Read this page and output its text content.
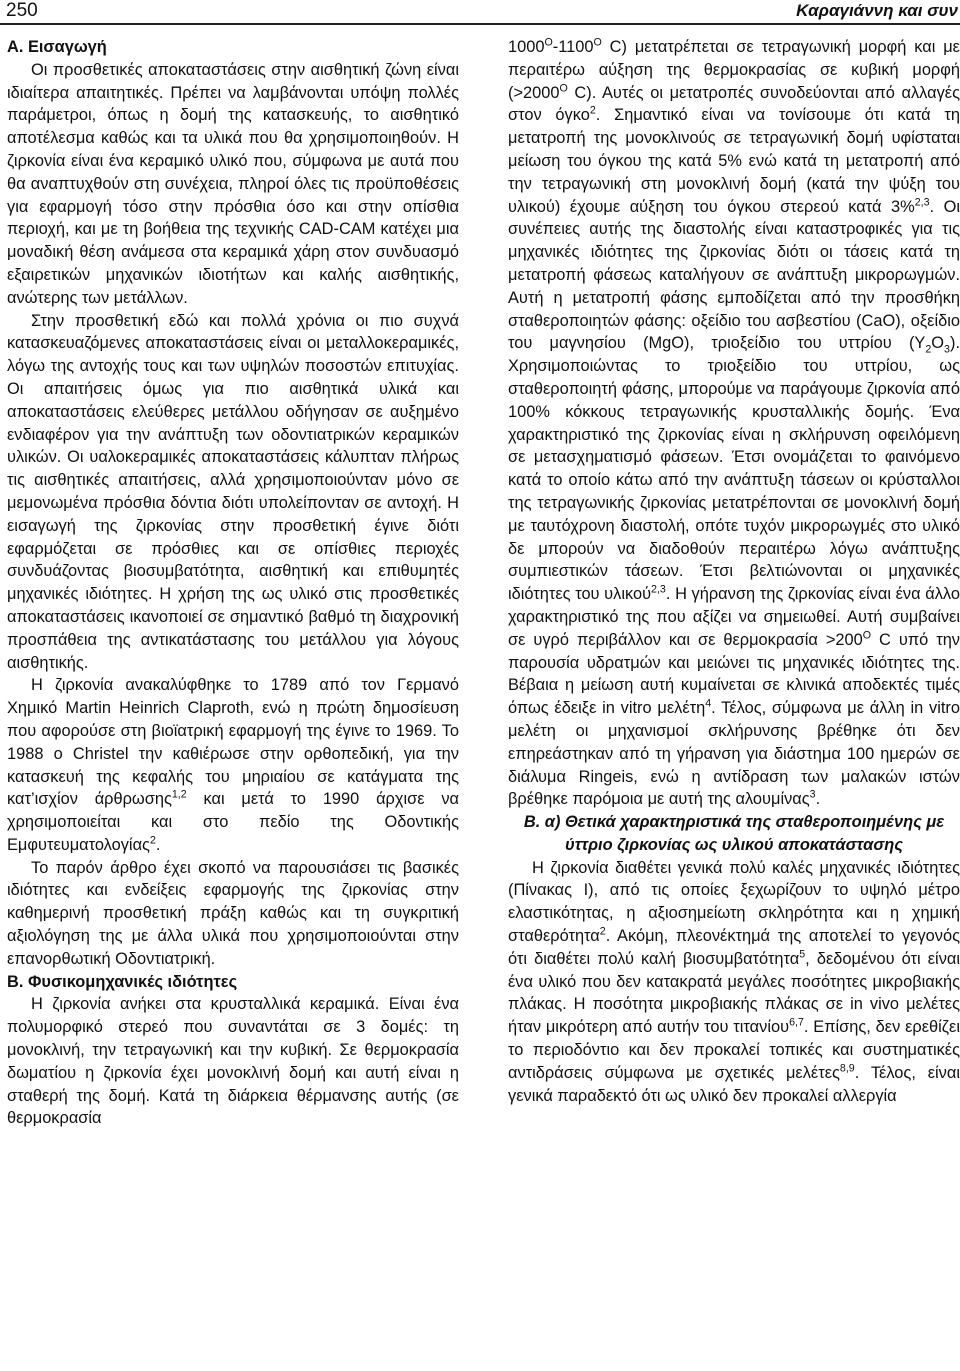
250	Καραγιάννη και συν

A. Εισαγωγή

Οι προσθετικές αποκαταστάσεις στην αισθητική ζώνη είναι ιδιαίτερα απαιτητικές. Πρέπει να λαμβάνονται υπόψη πολλές παράμετροι, όπως η δομή της κατασκευής, το αισθητικό αποτέλεσμα καθώς και τα υλικά που θα χρησιμοποιηθούν. Η ζιρκονία είναι ένα κεραμικό υλικό που, σύμφωνα με αυτά που θα αναπτυχθούν στη συνέχεια, πληροί όλες τις προϋποθέσεις για εφαρμογή τόσο στην πρόσθια όσο και στην οπίσθια περιοχή, και με τη βοήθεια της τεχνικής CAD-CAM κατέχει μια μοναδική θέση ανάμεσα στα κεραμικά χάρη στον συνδυασμό εξαιρετικών μηχανικών ιδιοτήτων και καλής αισθητικής, ανώτερης των μετάλλων.

Στην προσθετική εδώ και πολλά χρόνια οι πιο συχνά κατασκευαζόμενες αποκαταστάσεις είναι οι μεταλλοκεραμικές, λόγω της αντοχής τους και των υψηλών ποσοστών επιτυχίας. Οι απαιτήσεις όμως για πιο αισθητικά υλικά και αποκαταστάσεις ελεύθερες μετάλλου οδήγησαν σε αυξημένο ενδιαφέρον για την ανάπτυξη των οδοντιατρικών κεραμικών υλικών. Οι υαλοκεραμικές αποκαταστάσεις κάλυπταν πλήρως τις αισθητικές απαιτήσεις, αλλά χρησιμοποιούνταν μόνο σε μεμονωμένα πρόσθια δόντια διότι υπολείπονταν σε αντοχή. Η εισαγωγή της ζιρκονίας στην προσθετική έγινε διότι εφαρμόζεται σε πρόσθιες και σε οπίσθιες περιοχές συνδυάζοντας βιοσυμβατότητα, αισθητική και επιθυμητές μηχανικές ιδιότητες. Η χρήση της ως υλικό στις προσθετικές αποκαταστάσεις ικανοποιεί σε σημαντικό βαθμό τη διαχρονική προσπάθεια της αντικατάστασης του μετάλλου για λόγους αισθητικής.

Η ζιρκονία ανακαλύφθηκε το 1789 από τον Γερμανό Χημικό Martin Heinrich Claproth, ενώ η πρώτη δημοσίευση που αφορούσε στη βιοϊατρική εφαρμογή της έγινε το 1969. Το 1988 ο Christel την καθιέρωσε στην ορθοπεδική, για την κατασκευή της κεφαλής του μηριαίου σε κατάγματα της κατ’ισχίον άρθρωσης$^{1,2}$ και μετά το 1990 άρχισε να χρησιμοποιείται και στο πεδίο της Οδοντικής Εμφυτευματολογίας$^2$.

Το παρόν άρθρο έχει σκοπό να παρουσιάσει τις βασικές ιδιότητες και ενδείξεις εφαρμογής της ζιρκονίας στην καθημερινή προσθετική πράξη καθώς και τη συγκριτική αξιολόγηση της με άλλα υλικά που χρησιμοποιούνται στην επανορθωτική Οδοντιατρική.

B. Φυσικομηχανικές ιδιότητες

Η ζιρκονία ανήκει στα κρυσταλλικά κεραμικά. Είναι ένα πολυμορφικό στερεό που συναντάται σε 3 δομές: τη μονοκλινή, την τετραγωνική και την κυβική. Σε θερμοκρασία δωματίου η ζιρκονία έχει μονοκλινή δομή και αυτή είναι η σταθερή της δομή. Κατά τη διάρκεια θέρμανσης αυτής (σε θερμοκρασία

$1000^O-1100^O$ C) μετατρέπεται σε τετραγωνική μορφή και με περαιτέρω αύξηση της θερμοκρασίας σε κυβική μορφή ($>2000^O$ C). Αυτές οι μετατροπές συνοδεύονται από αλλαγές στον όγκο$^2$. Σημαντικό είναι να τονίσουμε ότι κατά τη μετατροπή της μονοκλινούς σε τετραγωνική δομή υφίσταται μείωση του όγκου της κατά 5% ενώ κατά τη μετατροπή από την τετραγωνική στη μονοκλινή δομή (κατά την ψύξη του υλικού) έχουμε αύξηση του όγκου στερεού κατά 3%$^{2,3}$. Οι συνέπειες αυτής της διαστολής είναι καταστροφικές για τις μηχανικές ιδιότητες της ζιρκονίας διότι οι τάσεις κατά τη μετατροπή φάσεως καταλήγουν σε ανάπτυξη μικρορωγμών. Αυτή η μετατροπή φάσης εμποδίζεται από την προσθήκη σταθεροποιητών φάσης: οξείδιο του ασβεστίου (CaO), οξείδιο του μαγνησίου (MgO), τριοξείδιο του υττρίου $(Y_2O_3)$. Χρησιμοποιώντας το τριοξείδιο του υττρίου, ως σταθεροποιητή φάσης, μπορούμε να παράγουμε ζιρκονία από 100% κόκκους τετραγωνικής κρυσταλλικής δομής. Ένα χαρακτηριστικό της ζιρκονίας είναι η σκλήρυνση οφειλόμενη σε μετασχηματισμό φάσεων. Έτσι ονομάζεται το φαινόμενο κατά το οποίο κάτω από την ανάπτυξη τάσεων οι κρύσταλλοι της τετραγωνικής ζιρκονίας μετατρέπονται σε μονοκλινή δομή με ταυτόχρονη διαστολή, οπότε τυχόν μικρορωγμές στο υλικό δε μπορούν να διαδοθούν περαιτέρω λόγω ανάπτυξης συμπιεστικών τάσεων. Έτσι βελτιώνονται οι μηχανικές ιδιότητες του υλικού$^{2,3}$. Η γήρανση της ζιρκονίας είναι ένα άλλο χαρακτηριστικό της που αξίζει να σημειωθεί. Αυτή συμβαίνει σε υγρό περιβάλλον και σε $\theta\varepsilon\rho\mu o\kappa\rho\alpha\sigma ί\alpha >200^O$ C υπό την παρουσία υδρατμών και μειώνει τις μηχανικές ιδιότητες της. Βέβαια η μείωση αυτή κυμαίνεται σε κλινικά αποδεκτές τιμές όπως έδειξε in vitro μελέτη$^4$. Τέλος, σύμφωνα με άλλη in vitro μελέτη οι μηχανισμοί σκλήρυνσης βρέθηκε ότι δεν επηρεάστηκαν από τη γήρανση για διάστημα 100 ημερών σε διάλυμα Ringeis, ενώ η αντίδραση των μαλακών ιστών βρέθηκε παρόμοια με αυτή της αλουμίνας$^3$.

B. α) Θετικά χαρακτηριστικά της σταθεροποιημένης με ύττριο ζιρκονίας ως υλικού αποκατάστασης

Η ζιρκονία διαθέτει γενικά πολύ καλές μηχανικές ιδιότητες (Πίνακας Ι), από τις οποίες ξεχωρίζουν το υψηλό μέτρο ελαστικότητας, η αξιοσημείωτη σκληρότητα και η χημική σταθερότητα$^2$. Ακόμη, πλεονέκτημά της αποτελεί το γεγονός ότι διαθέτει πολύ καλή βιοσυμβατότητα$^5$, δεδομένου ότι είναι ένα υλικό που δεν κατακρατά μεγάλες ποσότητες μικροβιακής πλάκας. Η ποσότητα μικροβιακής πλάκας σε in vivo μελέτες ήταν μικρότερη από αυτήν του τιτανίου$^{6,7}$. Επίσης, δεν ερεθίζει το περιοδόντιο και δεν προκαλεί τοπικές και συστηματικές αντιδράσεις σύμφωνα με σχετικές μελέτες$^{8,9}$. Τέλος, είναι γενικά παραδεκτό ότι ως υλικό δεν προκαλεί αλλεργία
